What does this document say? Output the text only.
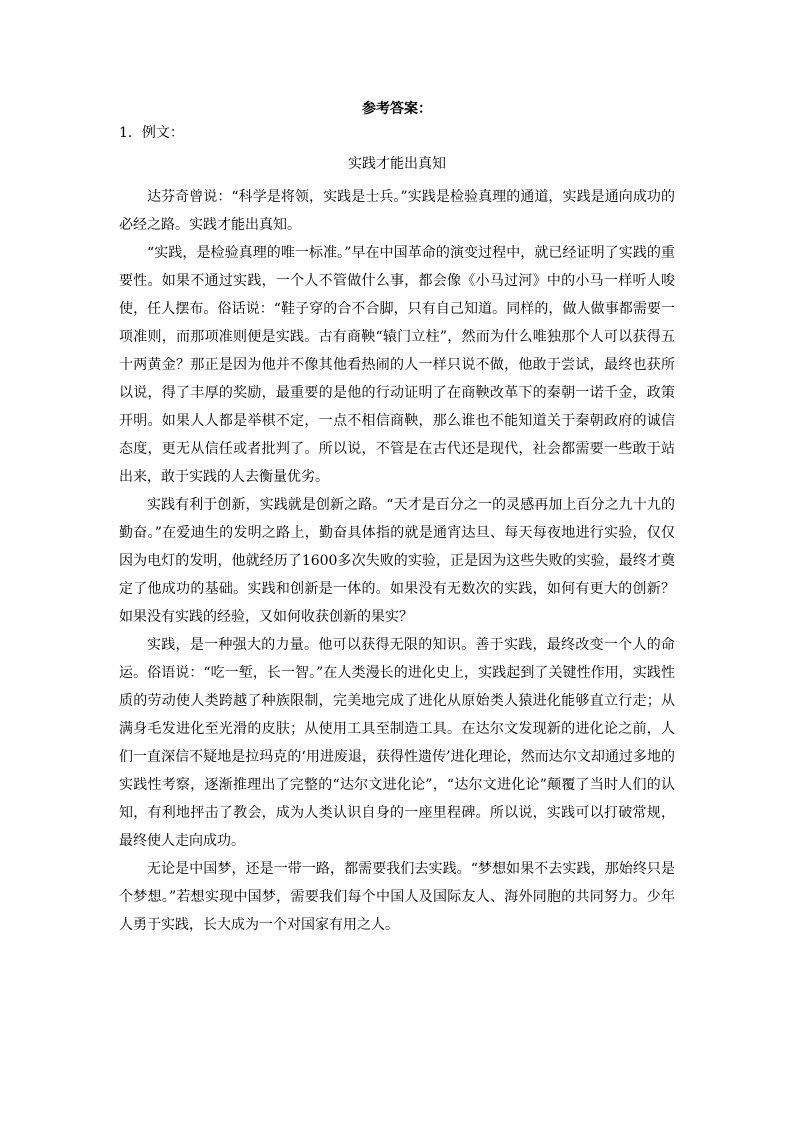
参考答案：
1．例文：
实践才能出真知

达芬奇曾说：“科学是将领，实践是士兵。”实践是检验真理的通道，实践是通向成功的必经之路。实践才能出真知。

“实践，是检验真理的唯一标准。”早在中国革命的演变过程中，就已经证明了实践的重要性。如果不通过实践，一个人不管做什么事，都会像《小马过河》中的小马一样听人唆使，任人摆布。俗话说：“鞋子穿的合不合脚，只有自己知道。同样的，做人做事都需要一项准则，而那项准则便是实践。古有商鞅“辕门立柱”，然而为什么唯独那个人可以获得五十两黄金？那正是因为他并不像其他看热闹的人一样只说不做，他敢于尝试，最终也获所以说，得了丰厚的奖励，最重要的是他的行动证明了在商鞅改革下的秦朝一诺千金，政策开明。如果人人都是举棋不定，一点不相信商鞅，那么谁也不能知道关于秦朝政府的诚信态度，更无从信任或者批判了。所以说，不管是在古代还是现代，社会都需要一些敢于站出来，敢于实践的人去衡量优劣。

实践有利于创新，实践就是创新之路。“天才是百分之一的灵感再加上百分之九十九的勤奋。”在爱迪生的发明之路上，勤奋具体指的就是通宵达旦、每天每夜地进行实验，仅仅因为电灯的发明，他就经历了1600多次失败的实验，正是因为这些失败的实验，最终才奠定了他成功的基础。实践和创新是一体的。如果没有无数次的实践，如何有更大的创新？如果没有实践的经验，又如何收获创新的果实？

实践，是一种强大的力量。他可以获得无限的知识。善于实践，最终改变一个人的命运。俗语说：“吃一堑，长一智。”在人类漫长的进化史上，实践起到了关键性作用，实践性质的劳动使人类跨越了种族限制，完美地完成了进化从原始类人猿进化能够直立行走；从满身毛发进化至光滑的皮肤；从使用工具至制造工具。在达尔文发现新的进化论之前，人们一直深信不疑地是拉玛克的‘用进废退，获得性遗传’进化理论，然而达尔文却通过多地的实践性考察，逐渐推理出了完整的“达尔文进化论”，“达尔文进化论”颠覆了当时人们的认知，有利地抨击了教会，成为人类认识自身的一座里程碑。所以说，实践可以打破常规，最终使人走向成功。

无论是中国梦，还是一带一路，都需要我们去实践。“梦想如果不去实践，那始终只是个梦想。”若想实现中国梦，需要我们每个中国人及国际友人、海外同胞的共同努力。少年人勇于实践，长大成为一个对国家有用之人。
